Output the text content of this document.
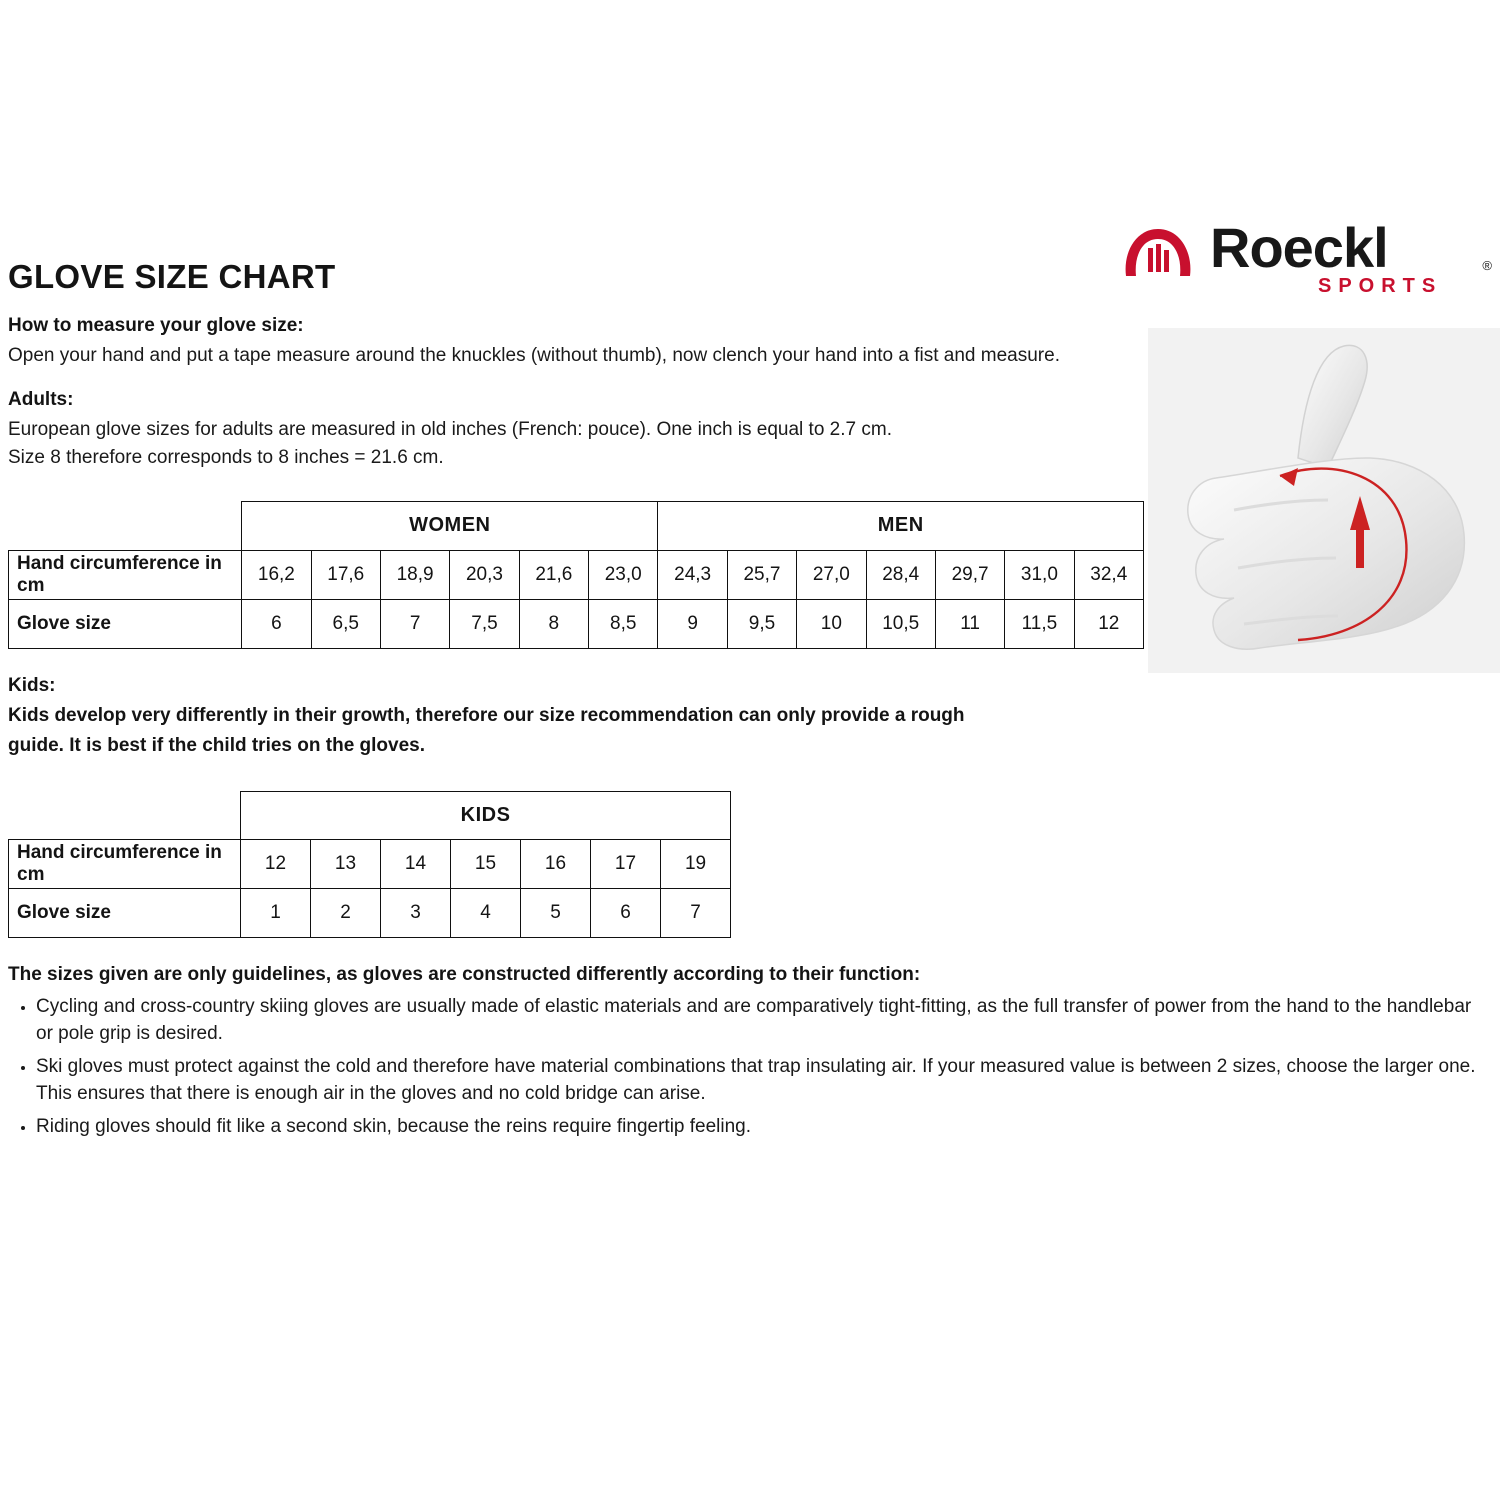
GLOVE SIZE CHART	Roeckl	®
SPORTS

How to measure your glove size:

Open your hand and put a tape measure around the knuckles (without thumb), now clench your hand into a fist and measure.

Adults:

European glove sizes for adults are measured in old inches (French: pouce). One inch is equal to 2.7 cm.

Size 8 therefore corresponds to 8 inches = 21.6 cm.

	WOMEN						MEN						
Hand circumference in cm	16,2	17,6	18,9	20,3	21,6	23,0	24,3	25,7	27,0	28,4	29,7	31,0	32,4
Glove size	6	6,5	7	7,5	8	8,5	9	9,5	10	10,5	11	11,5	12

Kids:

Kids develop very differently in their growth, therefore our size recommendation can only provide a rough

guide. It is best if the child tries on the gloves.

	KIDS						
Hand circumference in cm	12	13	14	15	16	17	19
Glove size	1	2	3	4	5	6	7

The sizes given are only guidelines, as gloves are constructed differently according to their function:

• Cycling and cross-country skiing gloves are usually made of elastic materials and are comparatively tight-fitting, as the full transfer of power from the hand to the handlebar or pole grip is desired.
• Ski gloves must protect against the cold and therefore have material combinations that trap insulating air. If your measured value is between 2 sizes, choose the larger one. This ensures that there is enough air in the gloves and no cold bridge can arise.
• Riding gloves should fit like a second skin, because the reins require fingertip feeling.
